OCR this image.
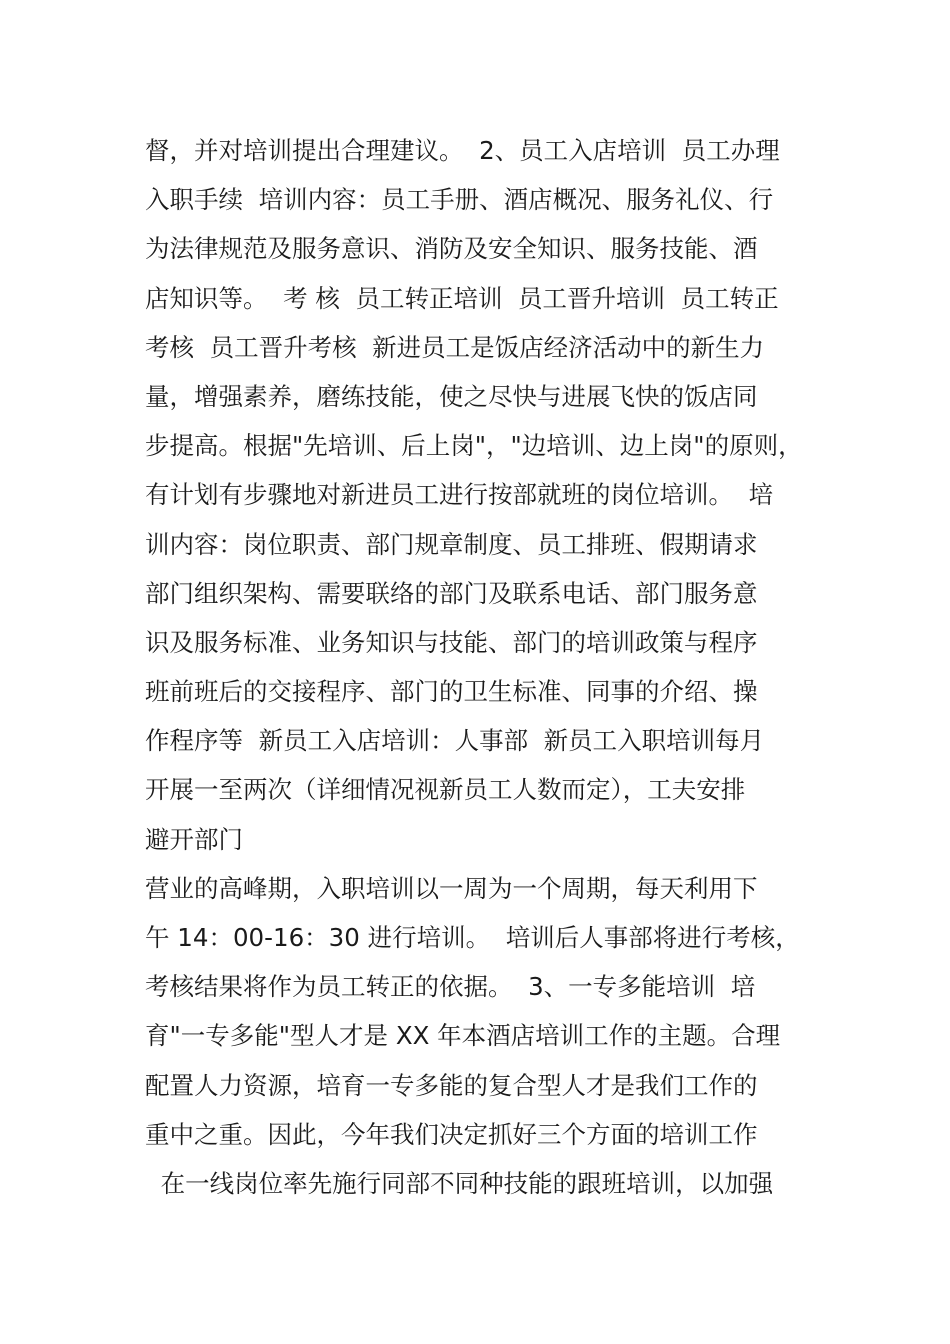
督，并对培训提出合理建议。  2、员工入店培训  员工办理
入职手续  培训内容：员工手册、酒店概况、服务礼仪、行
为法律规范及服务意识、消防及安全知识、服务技能、酒
店知识等。  考 核  员工转正培训  员工晋升培训  员工转正
考核  员工晋升考核  新进员工是饭店经济活动中的新生力
量，增强素养，磨练技能，使之尽快与进展飞快的饭店同
步提高。根据"先培训、后上岗"，"边培训、边上岗"的原则，
有计划有步骤地对新进员工进行按部就班的岗位培训。  培
训内容：岗位职责、部门规章制度、员工排班、假期请求
部门组织架构、需要联络的部门及联系电话、部门服务意
识及服务标准、业务知识与技能、部门的培训政策与程序
班前班后的交接程序、部门的卫生标准、同事的介绍、操
作程序等  新员工入店培训：人事部  新员工入职培训每月
开展一至两次（详细情况视新员工人数而定），工夫安排
避开部门
营业的高峰期，入职培训以一周为一个周期，每天利用下
午 14：00-16：30 进行培训。  培训后人事部将进行考核，
考核结果将作为员工转正的依据。  3、一专多能培训  培
育"一专多能"型人才是 XX 年本酒店培训工作的主题。合理
配置人力资源，培育一专多能的复合型人才是我们工作的
重中之重。因此，今年我们决定抓好三个方面的培训工作
在一线岗位率先施行同部不同种技能的跟班培训，以加强
